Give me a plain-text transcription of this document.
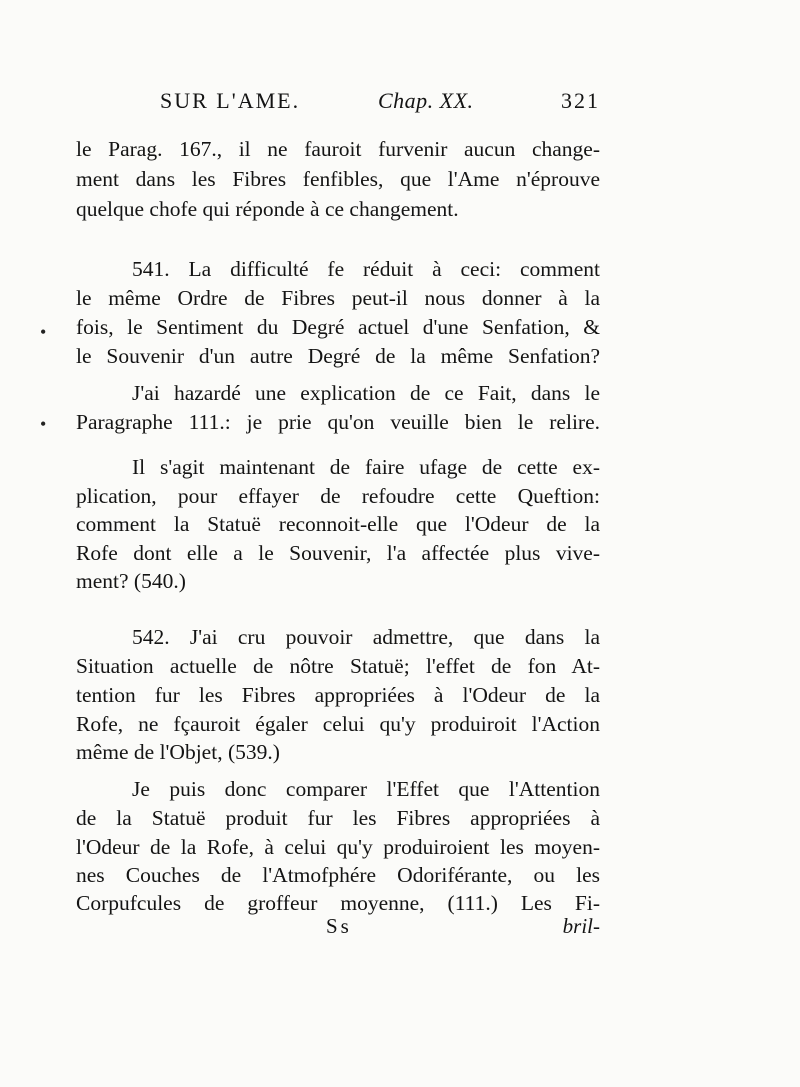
SUR L'AME.	Chap. XX.	321
le Parag. 167., il ne fauroit furvenir aucun change-
ment dans les Fibres fenfibles, que l'Ame n'éprouve
quelque chofe qui réponde à ce changement.
541. La difficulté fe réduit à ceci: comment
le même Ordre de Fibres peut-il nous donner à la
fois, le Sentiment du Degré actuel d'une Senfation, &
le Souvenir d'un autre Degré de la même Senfation?
J'ai hazardé une explication de ce Fait, dans le
Paragraphe 111.: je prie qu'on veuille bien le relire.
Il s'agit maintenant de faire ufage de cette ex-
plication, pour effayer de refoudre cette Queftion:
comment la Statuë reconnoit-elle que l'Odeur de la
Rofe dont elle a le Souvenir, l'a affectée plus vive-
ment? (540.)
542. J'ai cru pouvoir admettre, que dans la
Situation actuelle de nôtre Statuë; l'effet de fon At-
tention fur les Fibres appropriées à l'Odeur de la
Rofe, ne fçauroit égaler celui qu'y produiroit l'Action
même de l'Objet, (539.)
Je puis donc comparer l'Effet que l'Attention
de la Statuë produit fur les Fibres appropriées à
l'Odeur de la Rofe, à celui qu'y produiroient les moyen-
nes Couches de l'Atmofphére Odoriférante, ou les
Corpufcules de groffeur moyenne, (111.) Les Fi-
Ss	bril-
•
•
